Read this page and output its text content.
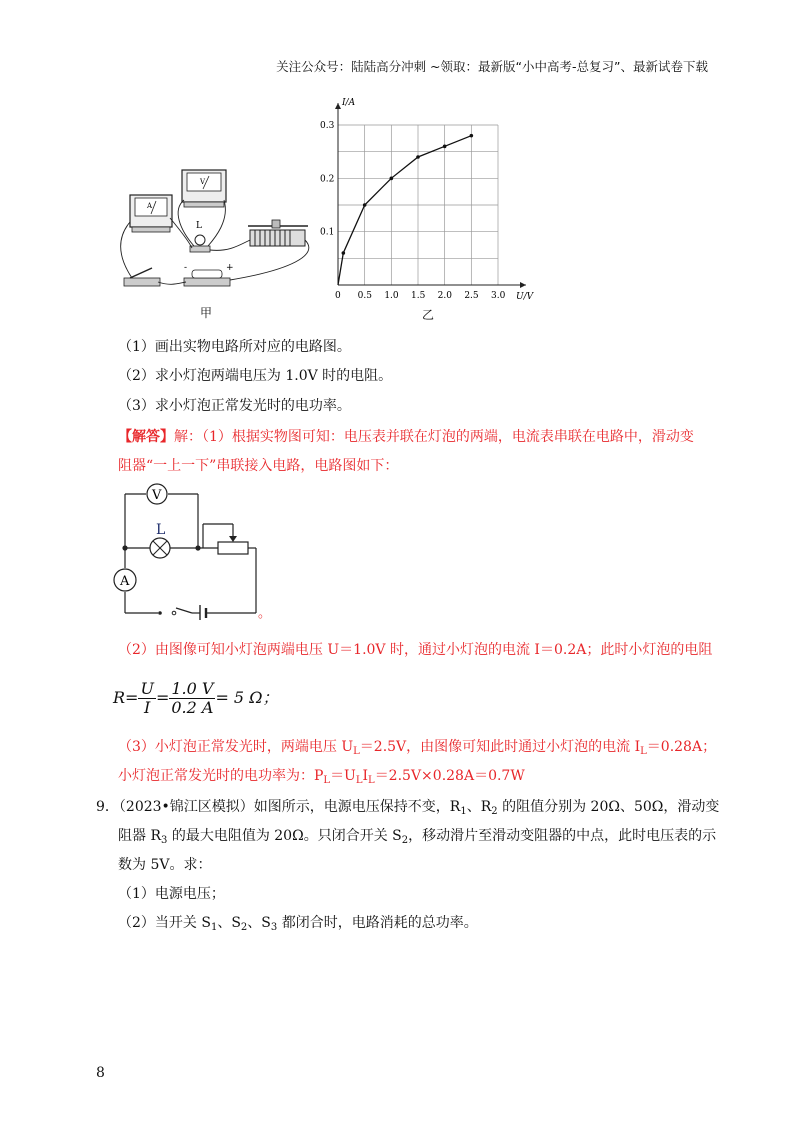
关注公众号：陆陆高分冲刺 ~领取：最新版“小中高考-总复习”、最新试卷下载
A
V
L
-	+
甲
0 0.5 1.0 1.5 2.0 2.5 3.0
0.1
0.2
0.3
U/V
I/A
乙
（1）画出实物电路所对应的电路图。
（2）求小灯泡两端电压为 1.0V 时的电阻。
（3）求小灯泡正常发光时的电功率。
【解答】解：（1）根据实物图可知：电压表并联在灯泡的两端，电流表串联在电路中，滑动变
阻器“一上一下”串联接入电路，电路图如下：
V
L
A
。
（2）由图像可知小灯泡两端电压 U＝1.0V 时，通过小灯泡的电流 I＝0.2A；此时小灯泡的电阻
$R= \frac{U}{I} = \frac{1.0 V}{0.2 A} = 5$ Ω；
（3）小灯泡正常发光时，两端电压 $U_L=2.5V$，由图像可知此时通过小灯泡的电流 $I_L=0.28A$；
小灯泡正常发光时的电功率为：$P_L=U_LI_L=2.5V\times 0.28A=0.7W$
9．（2023•锦江区模拟）如图所示，电源电压保持不变，$R_1$、$R_2$ 的阻值分别为 20Ω、50Ω，滑动变
阻器 $R_3$ 的最大电阻值为 20Ω。只闭合开关 $S_2$，移动滑片至滑动变阻器的中点，此时电压表的示
数为 5V。求：
（1）电源电压；
（2）当开关 $S_1$、$S_2$、$S_3$ 都闭合时，电路消耗的总功率。
8
